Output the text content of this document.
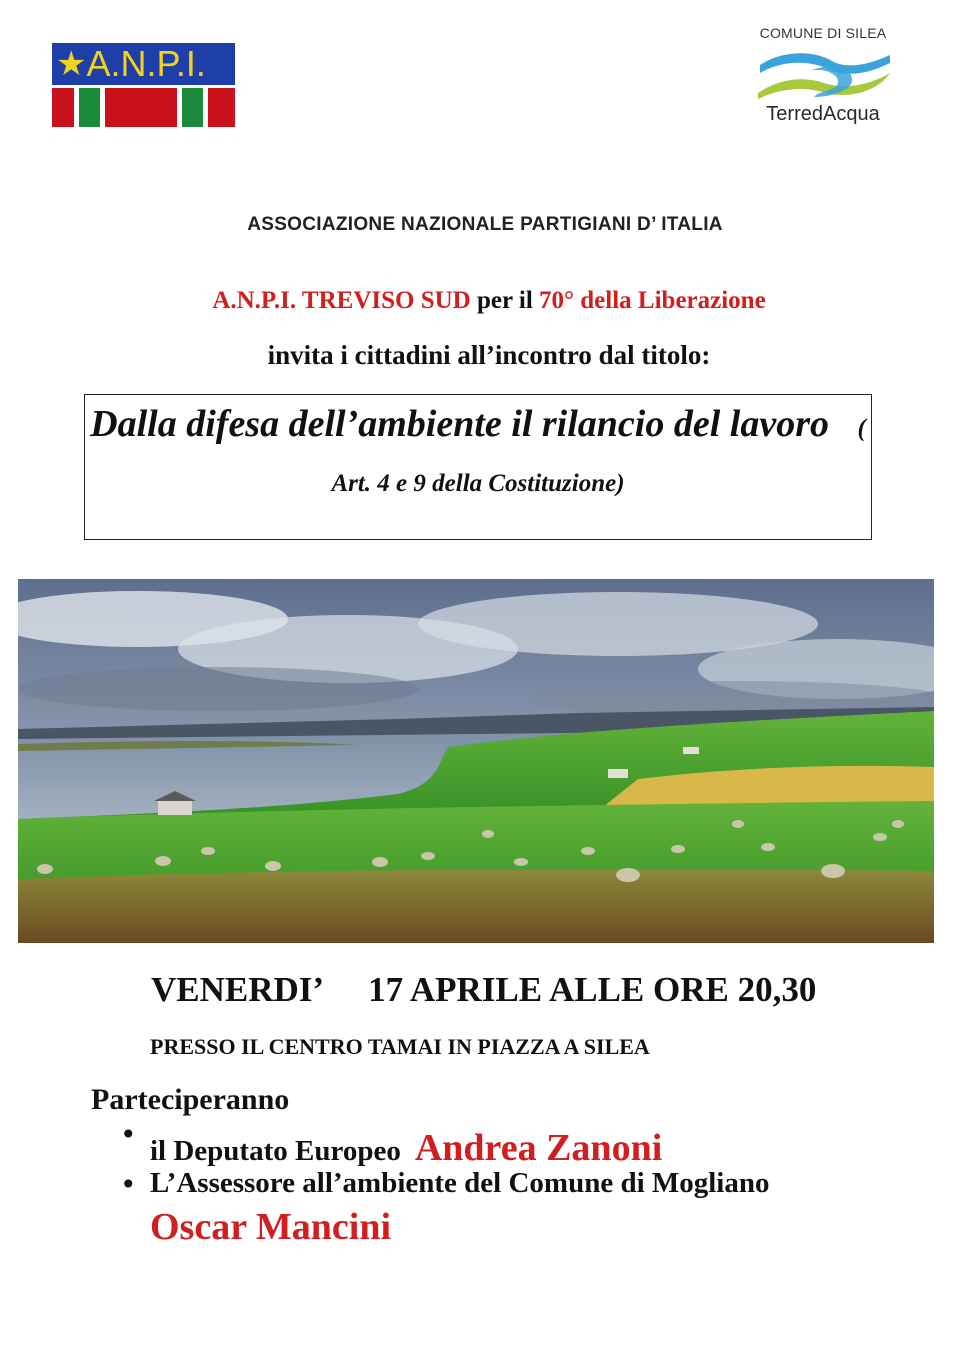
★ A.N.P.I.
COMUNE DI SILEA
TerredAcqua
ASSOCIAZIONE NAZIONALE PARTIGIANI D’ ITALIA
A.N.P.I. TREVISO SUD per il 70° della Liberazione
invita i cittadini all’incontro dal titolo:
Dalla difesa dell’ambiente il rilancio del lavoro ( Art. 4 e 9 della Costituzione)
VENERDI’ 17 APRILE ALLE ORE 20,30
PRESSO IL CENTRO TAMAI IN PIAZZA A SILEA
Parteciperanno
• il Deputato Europeo Andrea Zanoni
• L’Assessore all’ambiente del Comune di Mogliano
Oscar Mancini
